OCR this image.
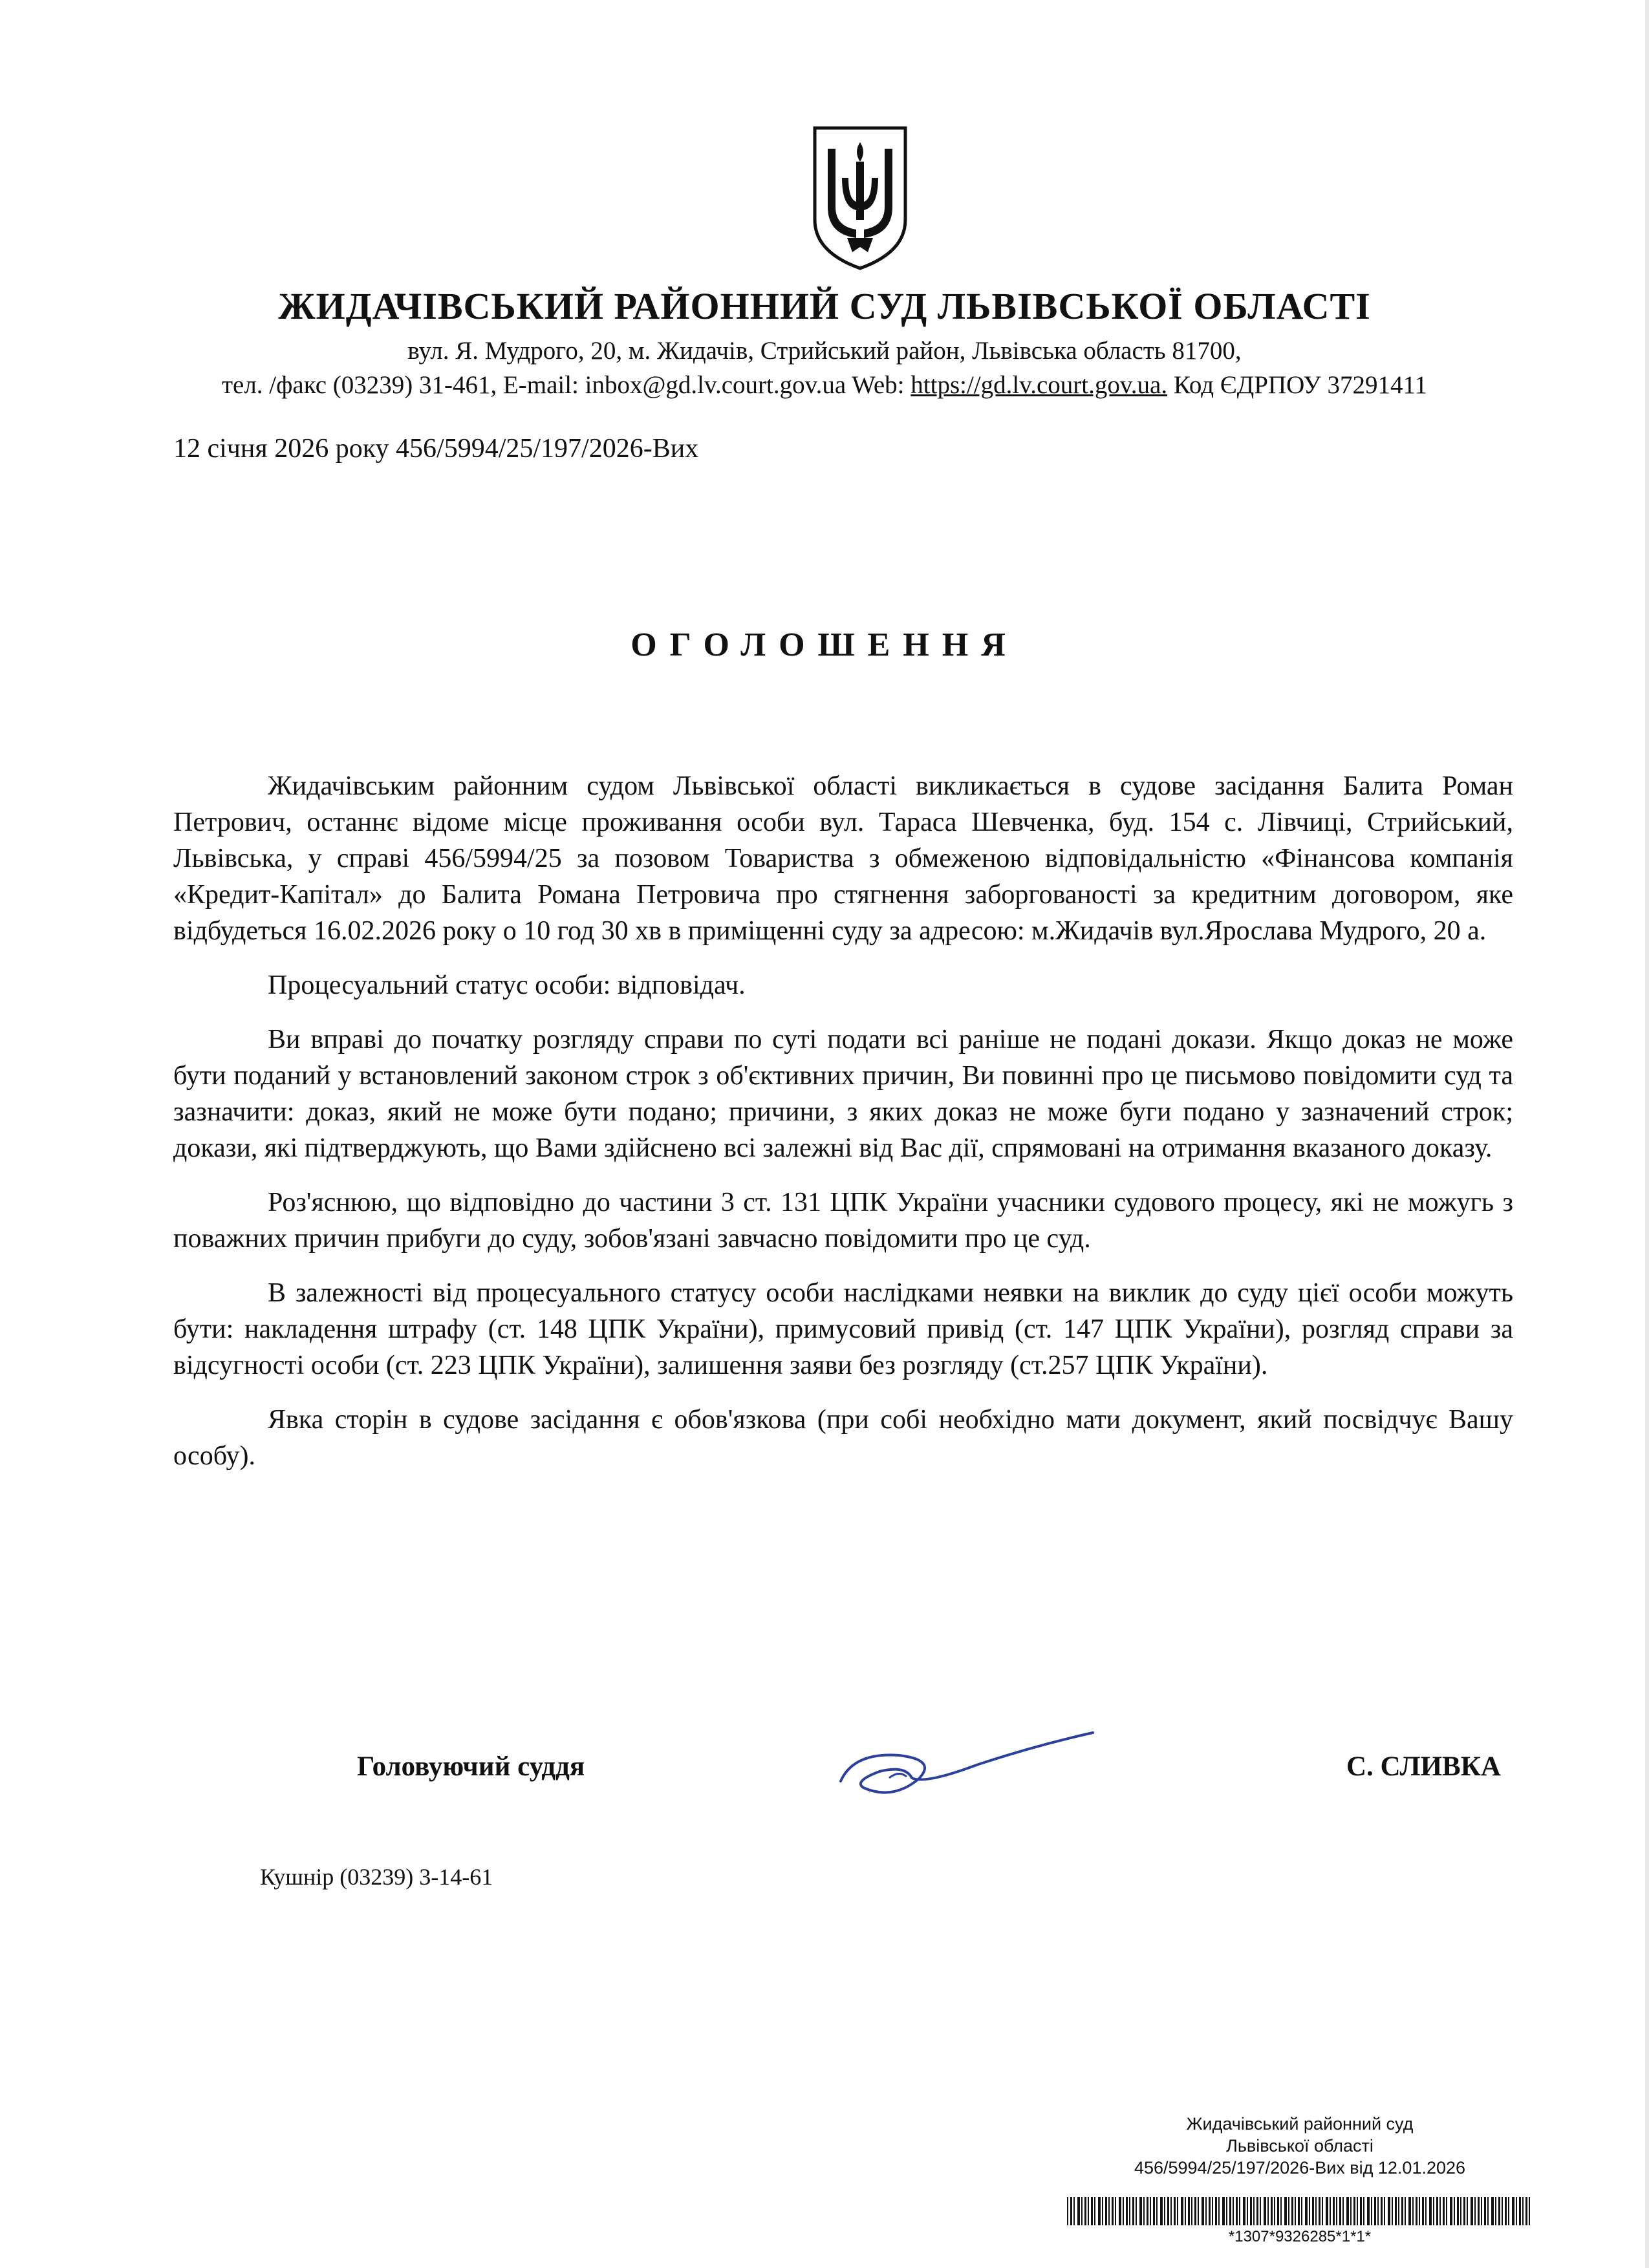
ЖИДАЧІВСЬКИЙ РАЙОННИЙ СУД ЛЬВІВСЬКОЇ ОБЛАСТІ
вул. Я. Мудрого, 20, м. Жидачів, Стрийський район, Львівська область 81700,
тел. /факс (03239) 31-461, E-mail: inbox@gd.lv.court.gov.ua Web: https://gd.lv.court.gov.ua. Код ЄДРПОУ 37291411
12 січня 2026 року 456/5994/25/197/2026-Вих
ОГОЛОШЕННЯ

Жидачівським районним судом Львівської області викликається в судове засідання Балита Роман Петрович, останнє відоме місце проживання особи вул. Тараса Шевченка, буд. 154 с. Лівчиці, Стрийський, Львівська, у справі 456/5994/25 за позовом Товариства з обмеженою відповідальністю «Фінансова компанія «Кредит-Капітал» до Балита Романа Петровича про стягнення заборгованості за кредитним договором, яке відбудеться 16.02.2026 року о 10 год 30 хв в приміщенні суду за адресою: м.Жидачів вул.Ярослава Мудрого, 20 а.

Процесуальний статус особи: відповідач.

Ви вправі до початку розгляду справи по суті подати всі раніше не подані докази. Якщо доказ не може бути поданий у встановлений законом строк з об'єктивних причин, Ви повинні про це письмово повідомити суд та зазначити: доказ, який не може бути подано; причини, з яких доказ не може буги подано у зазначений строк; докази, які підтверджують, що Вами здійснено всі залежні від Вас дії, спрямовані на отримання вказаного доказу.

Роз'яснюю, що відповідно до частини 3 ст. 131 ЦПК України учасники судового процесу, які не можугь з поважних причин прибуги до суду, зобов'язані завчасно повідомити про це суд.

В залежності від процесуального статусу особи наслідками неявки на виклик до суду цієї особи можуть бути: накладення штрафу (ст. 148 ЦПК України), примусовий привід (ст. 147 ЦПК України), розгляд справи за відсугності особи (ст. 223 ЦПК України), залишення заяви без розгляду (ст.257 ЦПК України).

Явка сторін в судове засідання є обов'язкова (при собі необхідно мати документ, який посвідчує Вашу особу).

Головуючий суддя	С. СЛИВКА
Кушнір (03239) 3-14-61
Жидачівський районний суд
Львівської області
456/5994/25/197/2026-Вих від 12.01.2026
*1307*9326285*1*1*
